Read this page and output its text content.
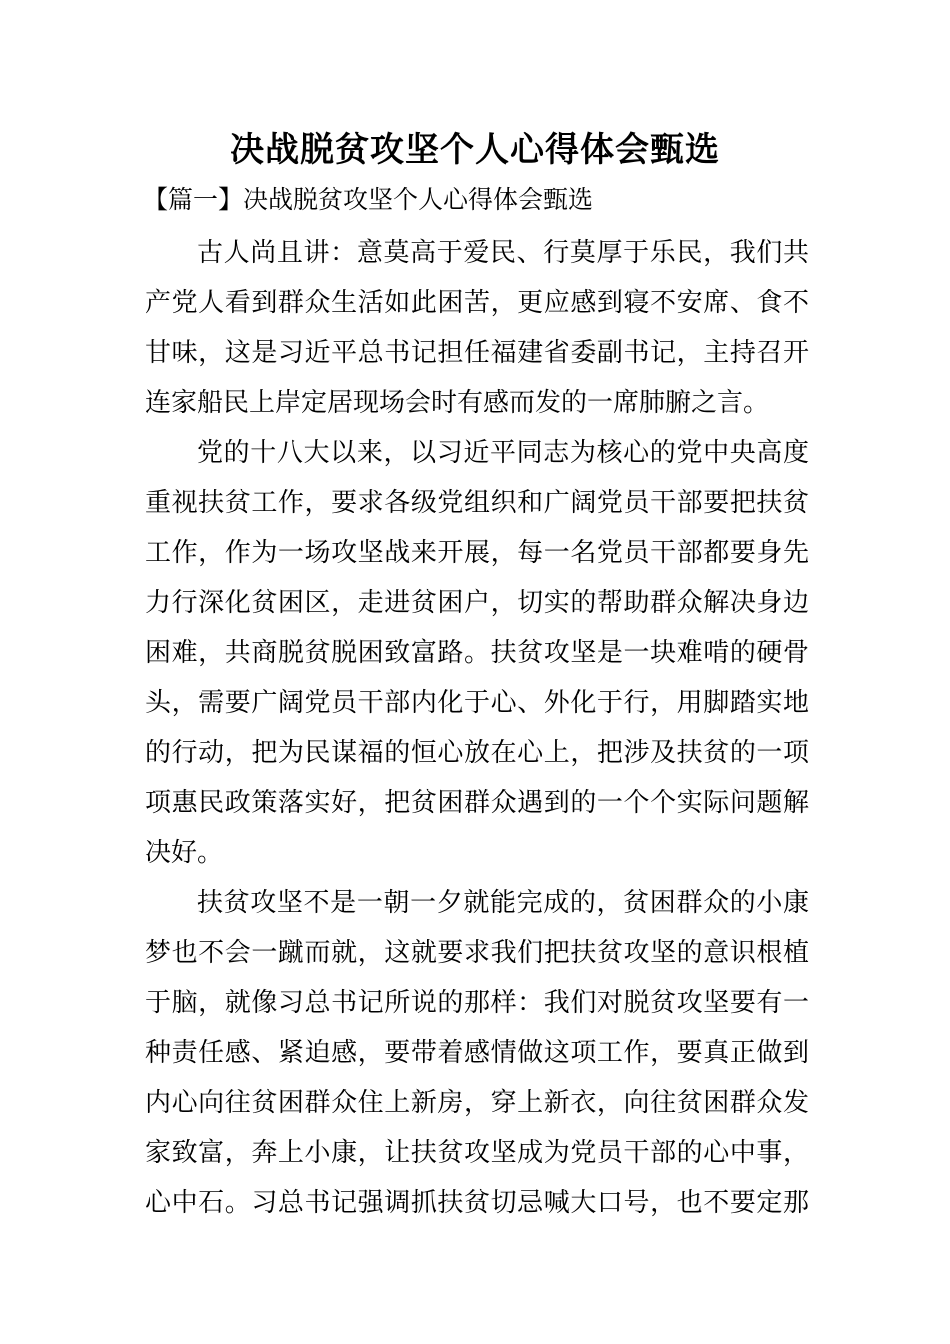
决战脱贫攻坚个人心得体会甄选
【篇一】决战脱贫攻坚个人心得体会甄选
古人尚且讲：意莫高于爱民、行莫厚于乐民，我们共
产党人看到群众生活如此困苦，更应感到寝不安席、食不
甘味，这是习近平总书记担任福建省委副书记，主持召开
连家船民上岸定居现场会时有感而发的一席肺腑之言。
党的十八大以来，以习近平同志为核心的党中央高度
重视扶贫工作，要求各级党组织和广阔党员干部要把扶贫
工作，作为一场攻坚战来开展，每一名党员干部都要身先
力行深化贫困区，走进贫困户，切实的帮助群众解决身边
困难，共商脱贫脱困致富路。扶贫攻坚是一块难啃的硬骨
头，需要广阔党员干部内化于心、外化于行，用脚踏实地
的行动，把为民谋福的恒心放在心上，把涉及扶贫的一项
项惠民政策落实好，把贫困群众遇到的一个个实际问题解
决好。
扶贫攻坚不是一朝一夕就能完成的，贫困群众的小康
梦也不会一蹴而就，这就要求我们把扶贫攻坚的意识根植
于脑，就像习总书记所说的那样：我们对脱贫攻坚要有一
种责任感、紧迫感，要带着感情做这项工作，要真正做到
内心向往贫困群众住上新房，穿上新衣，向往贫困群众发
家致富，奔上小康，让扶贫攻坚成为党员干部的心中事，
心中石。习总书记强调抓扶贫切忌喊大口号，也不要定那
